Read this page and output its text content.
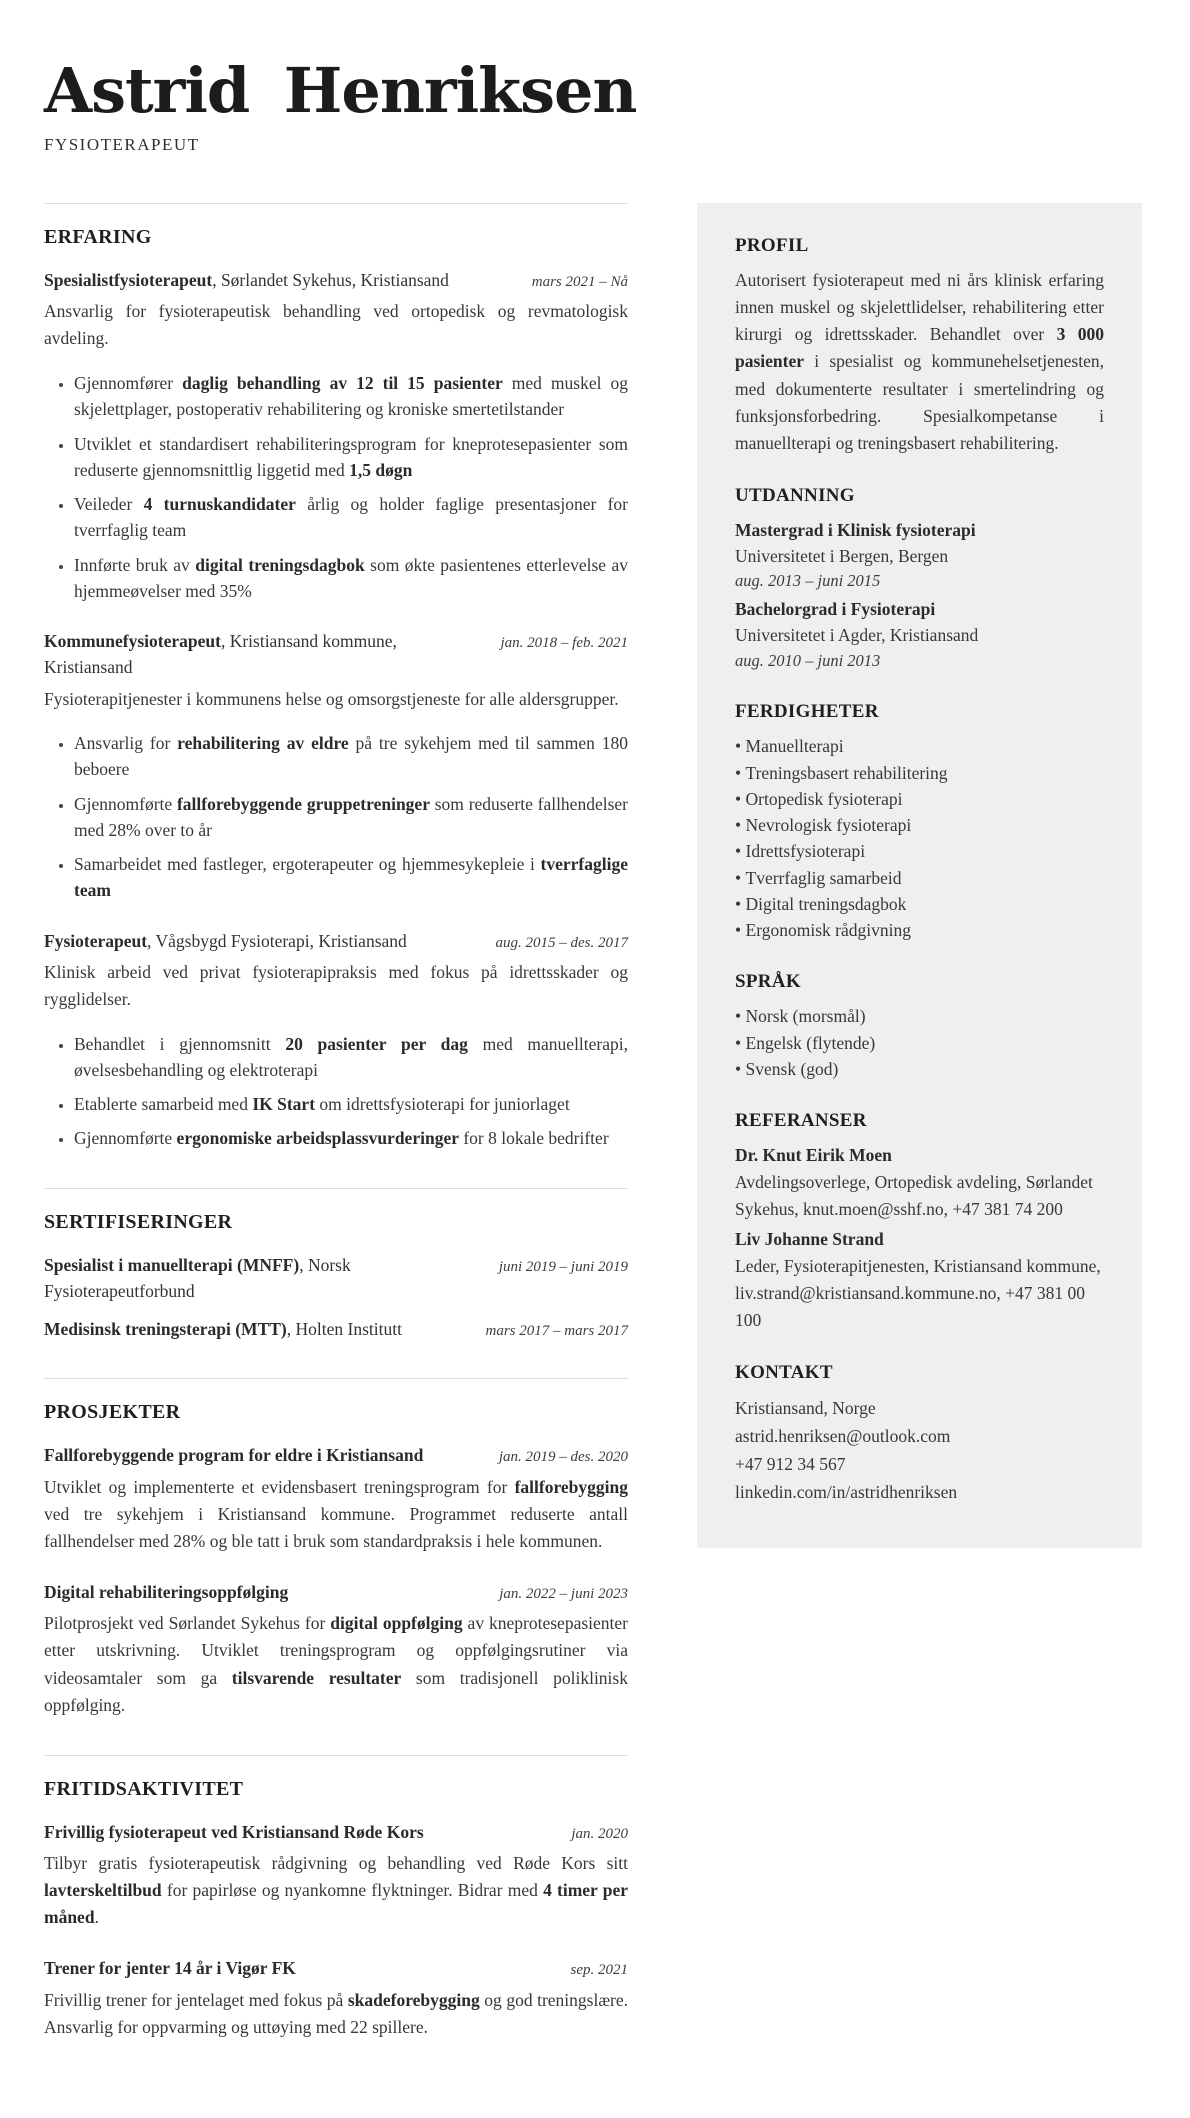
Astrid Henriksen
FYSIOTERAPEUT
ERFARING
Spesialistfysioterapeut, Sørlandet Sykehus, Kristiansand	mars 2021 – Nå

Ansvarlig for fysioterapeutisk behandling ved ortopedisk og revmatologisk avdeling.

• Gjennomfører daglig behandling av 12 til 15 pasienter med muskel og skjelettplager, postoperativ rehabilitering og kroniske smertetilstander
• Utviklet et standardisert rehabiliteringsprogram for kneprotesepasienter som reduserte gjennomsnittlig liggetid med 1,5 døgn
• Veileder 4 turnuskandidater årlig og holder faglige presentasjoner for tverrfaglig team
• Innførte bruk av digital treningsdagbok som økte pasientenes etterlevelse av hjemmeøvelser med 35%
Kommunefysioterapeut, Kristiansand kommune, Kristiansand
jan. 2018 – feb. 2021

Fysioterapitjenester i kommunens helse og omsorgstjeneste for alle aldersgrupper.

• Ansvarlig for rehabilitering av eldre på tre sykehjem med til sammen 180 beboere
• Gjennomførte fallforebyggende gruppetreninger som reduserte fallhendelser med 28% over to år
• Samarbeidet med fastleger, ergoterapeuter og hjemmesykepleie i tverrfaglige team
Fysioterapeut, Vågsbygd Fysioterapi, Kristiansand	aug. 2015 – des. 2017

Klinisk arbeid ved privat fysioterapipraksis med fokus på idrettsskader og rygglidelser.

• Behandlet i gjennomsnitt 20 pasienter per dag med manuellterapi, øvelsesbehandling og elektroterapi
• Etablerte samarbeid med IK Start om idrettsfysioterapi for juniorlaget
• Gjennomførte ergonomiske arbeidsplassvurderinger for 8 lokale bedrifter
SERTIFISERINGER
Spesialist i manuellterapi (MNFF), Norsk Fysioterapeutforbund
juni 2019 – juni 2019
Medisinsk treningsterapi (MTT), Holten Institutt	mars 2017 – mars 2017
PROSJEKTER
Fallforebyggende program for eldre i Kristiansand	jan. 2019 – des. 2020

Utviklet og implementerte et evidensbasert treningsprogram for fallforebygging ved tre sykehjem i Kristiansand kommune. Programmet reduserte antall fallhendelser med 28% og ble tatt i bruk som standardpraksis i hele kommunen.

Digital rehabiliteringsoppfølging	jan. 2022 – juni 2023

Pilotprosjekt ved Sørlandet Sykehus for digital oppfølging av kneprotesepasienter etter utskrivning. Utviklet treningsprogram og oppfølgingsrutiner via videosamtaler som ga tilsvarende resultater som tradisjonell poliklinisk oppfølging.

FRITIDSAKTIVITET
Frivillig fysioterapeut ved Kristiansand Røde Kors	jan. 2020

Tilbyr gratis fysioterapeutisk rådgivning og behandling ved Røde Kors sitt lavterskeltilbud for papirløse og nyankomne flyktninger. Bidrar med 4 timer per måned.

Trener for jenter 14 år i Vigør FK	sep. 2021

Frivillig trener for jentelaget med fokus på skadeforebygging og god treningslære. Ansvarlig for oppvarming og uttøying med 22 spillere.

PROFIL

Autorisert fysioterapeut med ni års klinisk erfaring innen muskel og skjelettlidelser, rehabilitering etter kirurgi og idrettsskader. Behandlet over 3 000 pasienter i spesialist og kommunehelsetjenesten, med dokumenterte resultater i smertelindring og funksjonsforbedring. Spesialkompetanse i manuellterapi og treningsbasert rehabilitering.

UTDANNING
Mastergrad i Klinisk fysioterapi
Universitetet i Bergen, Bergen
aug. 2013 – juni 2015
Bachelorgrad i Fysioterapi
Universitetet i Agder, Kristiansand
aug. 2010 – juni 2013
FERDIGHETER
• Manuellterapi
• Treningsbasert rehabilitering
• Ortopedisk fysioterapi
• Nevrologisk fysioterapi
• Idrettsfysioterapi
• Tverrfaglig samarbeid
• Digital treningsdagbok
• Ergonomisk rådgivning
SPRÅK
• Norsk (morsmål)
• Engelsk (flytende)
• Svensk (god)
REFERANSER
Dr. Knut Eirik Moen
Avdelingsoverlege, Ortopedisk avdeling, Sørlandet Sykehus, knut.moen@sshf.no, +47 381 74 200
Liv Johanne Strand
Leder, Fysioterapitjenesten, Kristiansand kommune, liv.strand@kristiansand.kommune.no, +47 381 00 100
KONTAKT
Kristiansand, Norge
astrid.henriksen@outlook.com
+47 912 34 567
linkedin.com/in/astridhenriksen
